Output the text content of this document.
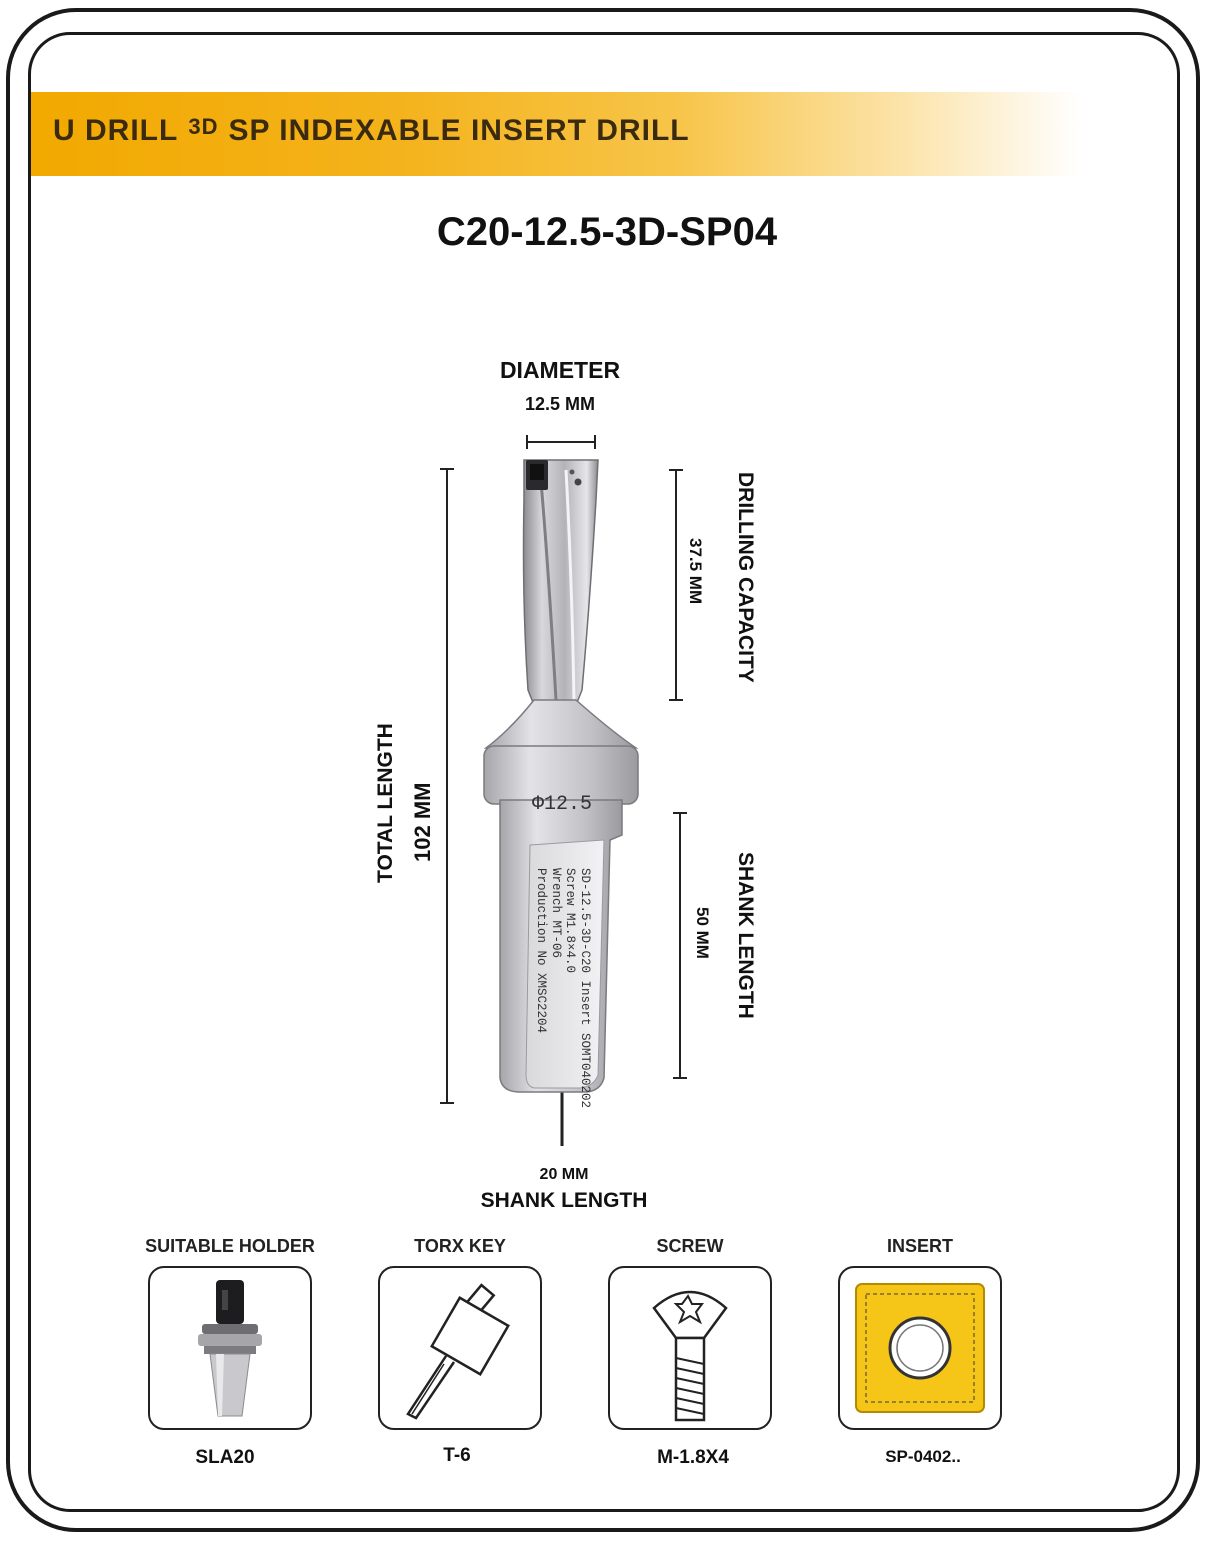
U DRILL $^{3D}$ SP INDEXABLE INSERT DRILL
C20-12.5-3D-SP04
Φ12.5
SD-12.5-3D-C20 Insert SOMT040202
Screw M1.8×4.0
Wrench MT-06
Production No XMSC2204
DIAMETER
12.5 MM
DRILLING CAPACITY
37.5 MM
TOTAL LENGTH 102 MM
SHANK LENGTH
50 MM
20 MM
SHANK LENGTH
SUITABLE HOLDER	TORX KEY	SCREW	INSERT
SLA20	T-6	M-1.8X4	SP-0402..
